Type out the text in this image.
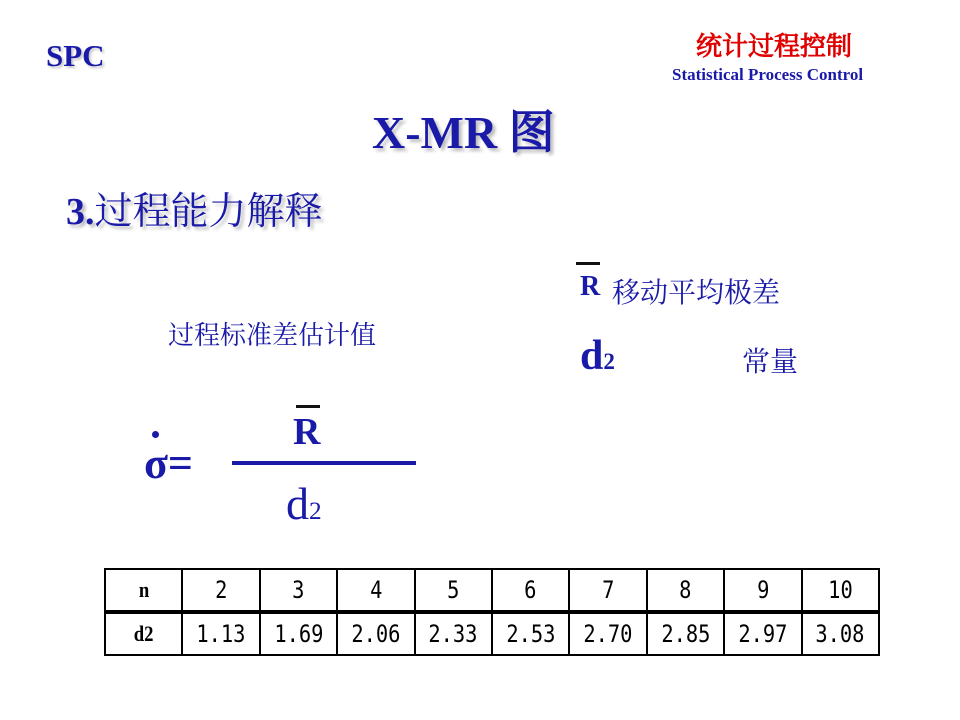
SPC	统计过程控制
Statistical Process Control
X-MR 图
3.过程能力解释
过程标准差估计值
R 移动平均极差
d2	常量
σ=
R
d2
n	2	3	4	5	6	7	8	9	10
d2	1.13	1.69	2.06	2.33	2.53	2.70	2.85	2.97	3.08
